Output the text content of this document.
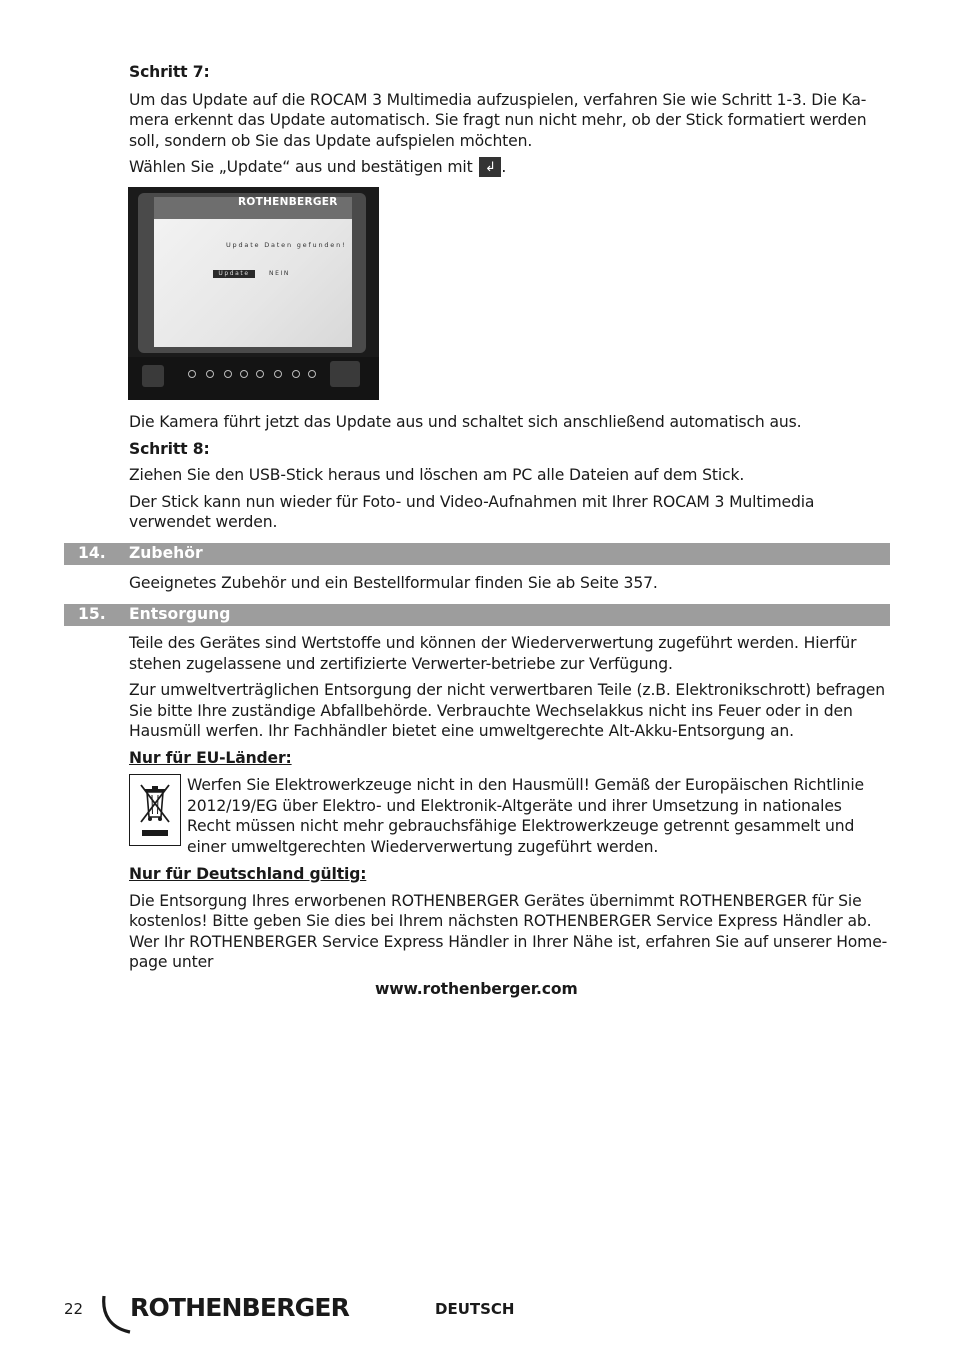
Schritt 7:

Um das Update auf die ROCAM 3 Multimedia aufzuspielen, verfahren Sie wie Schritt 1-3. Die Ka-

mera erkennt das Update automatisch. Sie fragt nun nicht mehr, ob der Stick formatiert werden

soll, sondern ob Sie das Update aufspielen möchten.

Wählen Sie „Update“ aus und bestätigen mit ↲ .

Update Daten gefunden!
Update	NEIN
ROTHENBERGER

Die Kamera führt jetzt das Update aus und schaltet sich anschließend automatisch aus.

Schritt 8:

Ziehen Sie den USB-Stick heraus und löschen am PC alle Dateien auf dem Stick.

Der Stick kann nun wieder für Foto- und Video-Aufnahmen mit Ihrer ROCAM 3 Multimedia

verwendet werden.

14. Zubehör

Geeignetes Zubehör und ein Bestellformular finden Sie ab Seite 357.

15. Entsorgung

Teile des Gerätes sind Wertstoffe und können der Wiederverwertung zugeführt werden. Hierfür

stehen zugelassene und zertifizierte Verwerter-betriebe zur Verfügung.

Zur umweltverträglichen Entsorgung der nicht verwertbaren Teile (z.B. Elektronikschrott) befragen

Sie bitte Ihre zuständige Abfallbehörde. Verbrauchte Wechselakkus nicht ins Feuer oder in den

Hausmüll werfen. Ihr Fachhändler bietet eine umweltgerechte Alt-Akku-Entsorgung an.

Nur für EU-Länder:

Werfen Sie Elektrowerkzeuge nicht in den Hausmüll! Gemäß der Europäischen Richtlinie

2012/19/EG über Elektro- und Elektronik-Altgeräte und ihrer Umsetzung in nationales

Recht müssen nicht mehr gebrauchsfähige Elektrowerkzeuge getrennt gesammelt und

einer umweltgerechten Wiederverwertung zugeführt werden.

Nur für Deutschland gültig:

Die Entsorgung Ihres erworbenen ROTHENBERGER Gerätes übernimmt ROTHENBERGER für Sie

kostenlos! Bitte geben Sie dies bei Ihrem nächsten ROTHENBERGER Service Express Händler ab.

Wer Ihr ROTHENBERGER Service Express Händler in Ihrer Nähe ist, erfahren Sie auf unserer Home-

page unter

www.rothenberger.com

22 ROTHENBERGER	DEUTSCH
